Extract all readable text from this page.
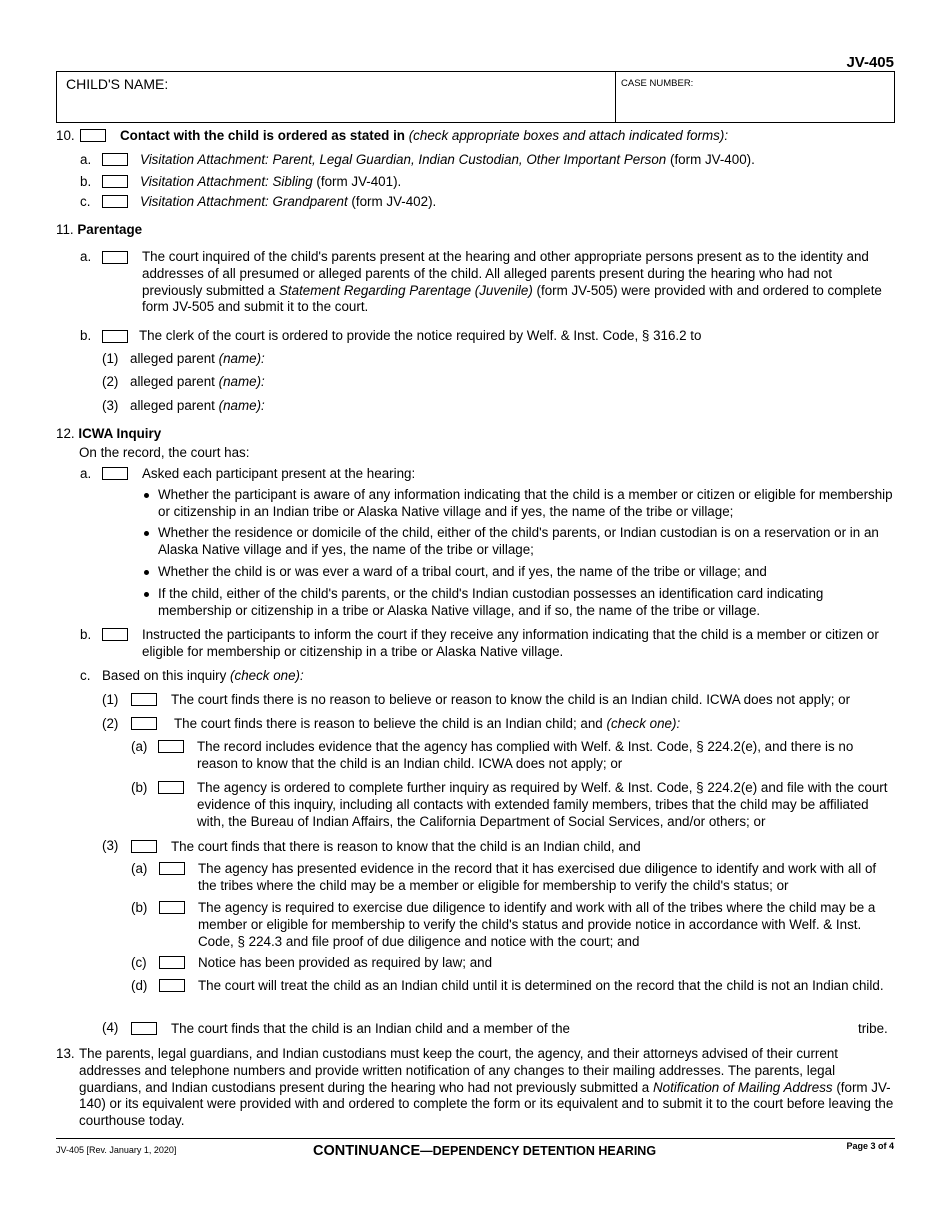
JV-405
CHILD'S NAME:	CASE NUMBER:
10.	Contact with the child is ordered as stated in (check appropriate boxes and attach indicated forms):
a.	Visitation Attachment: Parent, Legal Guardian, Indian Custodian, Other Important Person (form JV-400).
b.	Visitation Attachment: Sibling (form JV-401).
c.	Visitation Attachment: Grandparent (form JV-402).
11. Parentage
a.	The court inquired of the child's parents present at the hearing and other appropriate persons present as to the identity and addresses of all presumed or alleged parents of the child. All alleged parents present during the hearing who had not previously submitted a Statement Regarding Parentage (Juvenile) (form JV-505) were provided with and ordered to complete form JV-505 and submit it to the court.
b.	The clerk of the court is ordered to provide the notice required by Welf. & Inst. Code, § 316.2 to
(1) alleged parent (name):
(2) alleged parent (name):
(3) alleged parent (name):
12. ICWA Inquiry
On the record, the court has:
a.	Asked each participant present at the hearing:
Whether the participant is aware of any information indicating that the child is a member or citizen or eligible for membership or citizenship in an Indian tribe or Alaska Native village and if yes, the name of the tribe or village;
Whether the residence or domicile of the child, either of the child's parents, or Indian custodian is on a reservation or in an Alaska Native village and if yes, the name of the tribe or village;
Whether the child is or was ever a ward of a tribal court, and if yes, the name of the tribe or village; and
If the child, either of the child's parents, or the child's Indian custodian possesses an identification card indicating membership or citizenship in a tribe or Alaska Native village, and if so, the name of the tribe or village.
b.	Instructed the participants to inform the court if they receive any information indicating that the child is a member or citizen or eligible for membership or citizenship in a tribe or Alaska Native village.
c. Based on this inquiry (check one):
(1)	The court finds there is no reason to believe or reason to know the child is an Indian child. ICWA does not apply; or
(2)	The court finds there is reason to believe the child is an Indian child; and (check one):
(a)	The record includes evidence that the agency has complied with Welf. & Inst. Code, § 224.2(e), and there is no reason to know that the child is an Indian child. ICWA does not apply; or
(b)	The agency is ordered to complete further inquiry as required by Welf. & Inst. Code, § 224.2(e) and file with the court evidence of this inquiry, including all contacts with extended family members, tribes that the child may be affiliated with, the Bureau of Indian Affairs, the California Department of Social Services, and/or others; or
(3)	The court finds that there is reason to know that the child is an Indian child, and
(a)	The agency has presented evidence in the record that it has exercised due diligence to identify and work with all of the tribes where the child may be a member or eligible for membership to verify the child's status; or
(b)	The agency is required to exercise due diligence to identify and work with all of the tribes where the child may be a member or eligible for membership to verify the child's status and provide notice in accordance with Welf. & Inst. Code, § 224.3 and file proof of due diligence and notice with the court; and
(c)	Notice has been provided as required by law; and
(d)	The court will treat the child as an Indian child until it is determined on the record that the child is not an Indian child.
(4)	The court finds that the child is an Indian child and a member of the	tribe.
13. The parents, legal guardians, and Indian custodians must keep the court, the agency, and their attorneys advised of their current addresses and telephone numbers and provide written notification of any changes to their mailing addresses. The parents, legal guardians, and Indian custodians present during the hearing who had not previously submitted a Notification of Mailing Address (form JV-140) or its equivalent were provided with and ordered to complete the form or its equivalent and to submit it to the court before leaving the courthouse today.
JV-405 [Rev. January 1, 2020]	CONTINUANCE—DEPENDENCY DETENTION HEARING	Page 3 of 4
